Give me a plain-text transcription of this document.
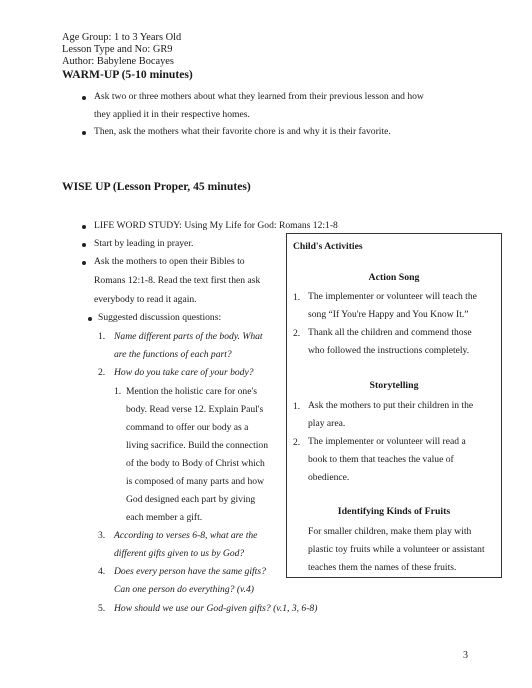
Age Group: 1 to 3 Years Old
Lesson Type and No: GR9
Author: Babylene Bocayes
WARM-UP (5-10 minutes)
Ask two or three mothers about what they learned from their previous lesson and how
they applied it in their respective homes.
Then, ask the mothers what their favorite chore is and why it is their favorite.
WISE UP (Lesson Proper, 45 minutes)
LIFE WORD STUDY: Using My Life for God: Romans 12:1-8
Start by leading in prayer.
Ask the mothers to open their Bibles to
Romans 12:1-8. Read the text first then ask
everybody to read it again.
Suggested discussion questions:
1. Name different parts of the body. What
are the functions of each part?
2. How do you take care of your body?
1. Mention the holistic care for one's
body. Read verse 12. Explain Paul's
command to offer our body as a
living sacrifice. Build the connection
of the body to Body of Christ which
is composed of many parts and how
God designed each part by giving
each member a gift.
3. According to verses 6-8, what are the
different gifts given to us by God?
4. Does every person have the same gifts?
Can one person do everything? (v.4)
5. How should we use our God-given gifts? (v.1, 3, 6-8)
Child's Activities
Action Song
1. The implementer or volunteer will teach the
song “If You're Happy and You Know It.”
2. Thank all the children and commend those
who followed the instructions completely.
Storytelling
1. Ask the mothers to put their children in the
play area.
2. The implementer or volunteer will read a
book to them that teaches the value of
obedience.
Identifying Kinds of Fruits
For smaller children, make them play with
plastic toy fruits while a volunteer or assistant
teaches them the names of these fruits.
3
